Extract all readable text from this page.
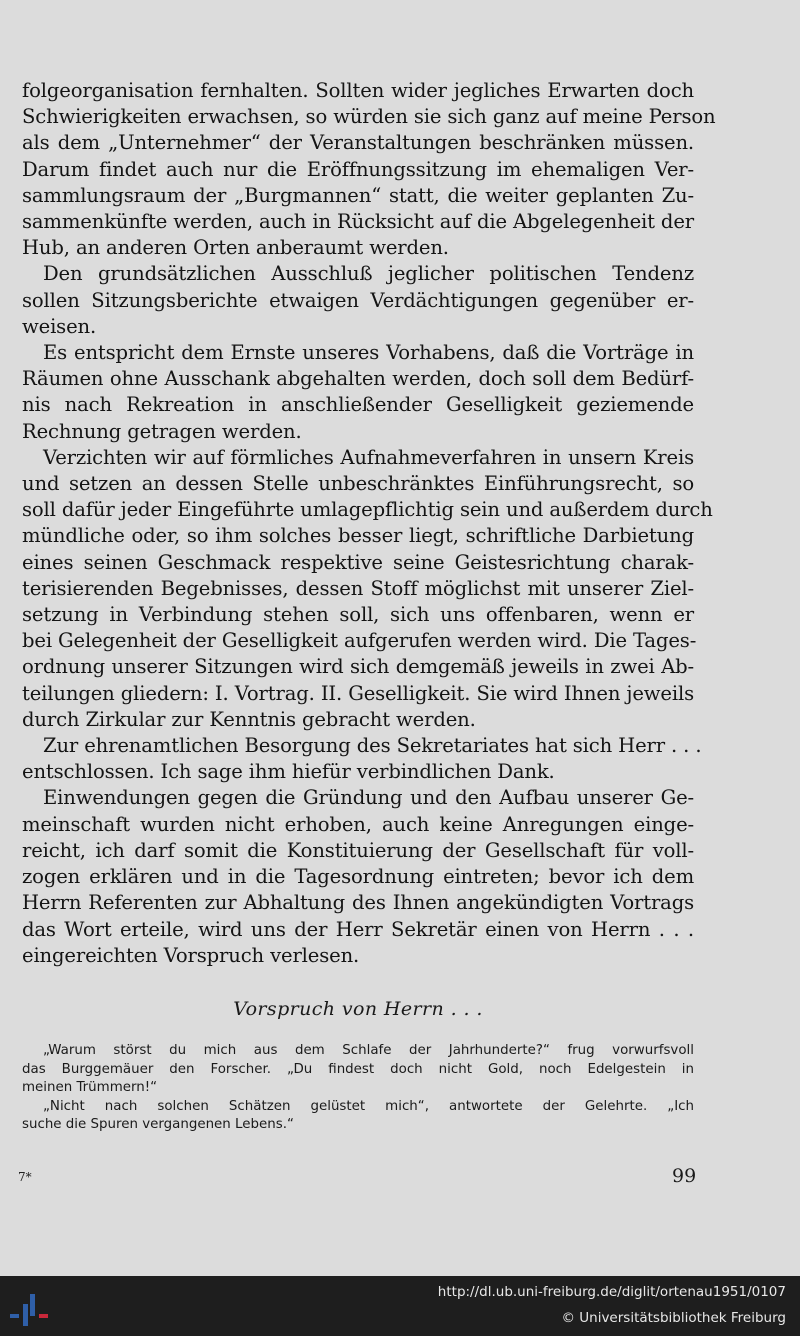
folgeorganisation fernhalten. Sollten wider jegliches Erwarten doch
Schwierigkeiten erwachsen, so würden sie sich ganz auf meine Person
als dem „Unternehmer“ der Veranstaltungen beschränken müssen.
Darum findet auch nur die Eröffnungssitzung im ehemaligen Ver-
sammlungsraum der „Burgmannen“ statt, die weiter geplanten Zu-
sammenkünfte werden, auch in Rücksicht auf die Abgelegenheit der
Hub, an anderen Orten anberaumt werden.

Den grundsätzlichen Ausschluß jeglicher politischen Tendenz
sollen Sitzungsberichte etwaigen Verdächtigungen gegenüber er-
weisen.

Es entspricht dem Ernste unseres Vorhabens, daß die Vorträge in
Räumen ohne Ausschank abgehalten werden, doch soll dem Bedürf-
nis nach Rekreation in anschließender Geselligkeit geziemende
Rechnung getragen werden.

Verzichten wir auf förmliches Aufnahmeverfahren in unsern Kreis
und setzen an dessen Stelle unbeschränktes Einführungsrecht, so
soll dafür jeder Eingeführte umlagepflichtig sein und außerdem durch
mündliche oder, so ihm solches besser liegt, schriftliche Darbietung
eines seinen Geschmack respektive seine Geistesrichtung charak-
terisierenden Begebnisses, dessen Stoff möglichst mit unserer Ziel-
setzung in Verbindung stehen soll, sich uns offenbaren, wenn er
bei Gelegenheit der Geselligkeit aufgerufen werden wird. Die Tages-
ordnung unserer Sitzungen wird sich demgemäß jeweils in zwei Ab-
teilungen gliedern: I. Vortrag. II. Geselligkeit. Sie wird Ihnen jeweils
durch Zirkular zur Kenntnis gebracht werden.

Zur ehrenamtlichen Besorgung des Sekretariates hat sich Herr . . .
entschlossen. Ich sage ihm hiefür verbindlichen Dank.

Einwendungen gegen die Gründung und den Aufbau unserer Ge-
meinschaft wurden nicht erhoben, auch keine Anregungen einge-
reicht, ich darf somit die Konstituierung der Gesellschaft für voll-
zogen erklären und in die Tagesordnung eintreten; bevor ich dem
Herrn Referenten zur Abhaltung des Ihnen angekündigten Vortrags
das Wort erteile, wird uns der Herr Sekretär einen von Herrn . . .
eingereichten Vorspruch verlesen.

Vorspruch von Herrn . . .
„Warum störst du mich aus dem Schlafe der Jahrhunderte?“ frug vorwurfsvoll
das Burggemäuer den Forscher. „Du findest doch nicht Gold, noch Edelgestein in
meinen Trümmern!“
„Nicht nach solchen Schätzen gelüstet mich“, antwortete der Gelehrte. „Ich
suche die Spuren vergangenen Lebens.“
7*	99
http://dl.ub.uni-freiburg.de/diglit/ortenau1951/0107
© Universitätsbibliothek Freiburg
